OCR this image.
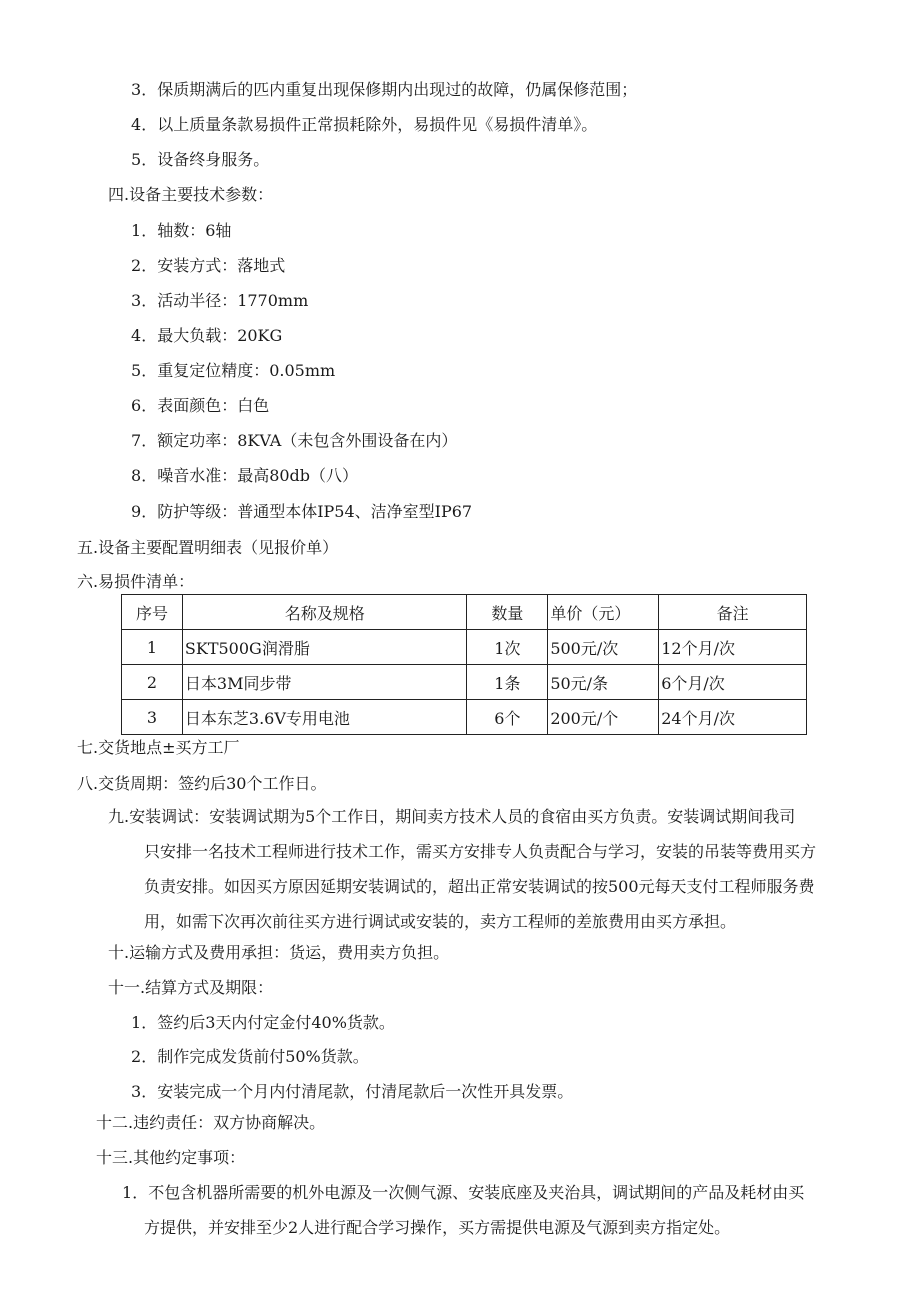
3．保质期满后的匹内重复出现保修期内出现过的故障，仍属保修范围；
4．以上质量条款易损件正常损耗除外，易损件见《易损件清单》。
5．设备终身服务。
四.设备主要技术参数：
1．轴数：6轴
2．安装方式：落地式
3．活动半径：1770mm
4．最大负载：20KG
5．重复定位精度：0.05mm
6．表面颜色：白色
7．额定功率：8KVA（未包含外围设备在内）
8．噪音水准：最高80db（八）
9．防护等级：普通型本体IP54、洁净室型IP67
五.设备主要配置明细表（见报价单）
六.易损件清单：
序号	名称及规格	数量	单价（元）	备注
1	SKT500G润滑脂	1次	500元/次	12个月/次
2	日本3M同步带	1条	50元/条	6个月/次
3	日本东芝3.6V专用电池	6个	200元/个	24个月/次
七.交货地点±买方工厂
八.交货周期：签约后30个工作日。
九.安装调试：安装调试期为5个工作日，期间卖方技术人员的食宿由买方负责。安装调试期间我司
只安排一名技术工程师进行技术工作，需买方安排专人负责配合与学习，安装的吊装等费用买方
负责安排。如因买方原因延期安装调试的，超出正常安装调试的按500元每天支付工程师服务费
用，如需下次再次前往买方进行调试或安装的，卖方工程师的差旅费用由买方承担。
十.运输方式及费用承担：货运，费用卖方负担。
十一.结算方式及期限：
1．签约后3天内付定金付40%货款。
2．制作完成发货前付50%货款。
3．安装完成一个月内付清尾款，付清尾款后一次性开具发票。
十二.违约责任：双方协商解决。
十三.其他约定事项：
1．不包含机器所需要的机外电源及一次侧气源、安装底座及夹治具，调试期间的产品及耗材由买
方提供，并安排至少2人进行配合学习操作，买方需提供电源及气源到卖方指定处。
